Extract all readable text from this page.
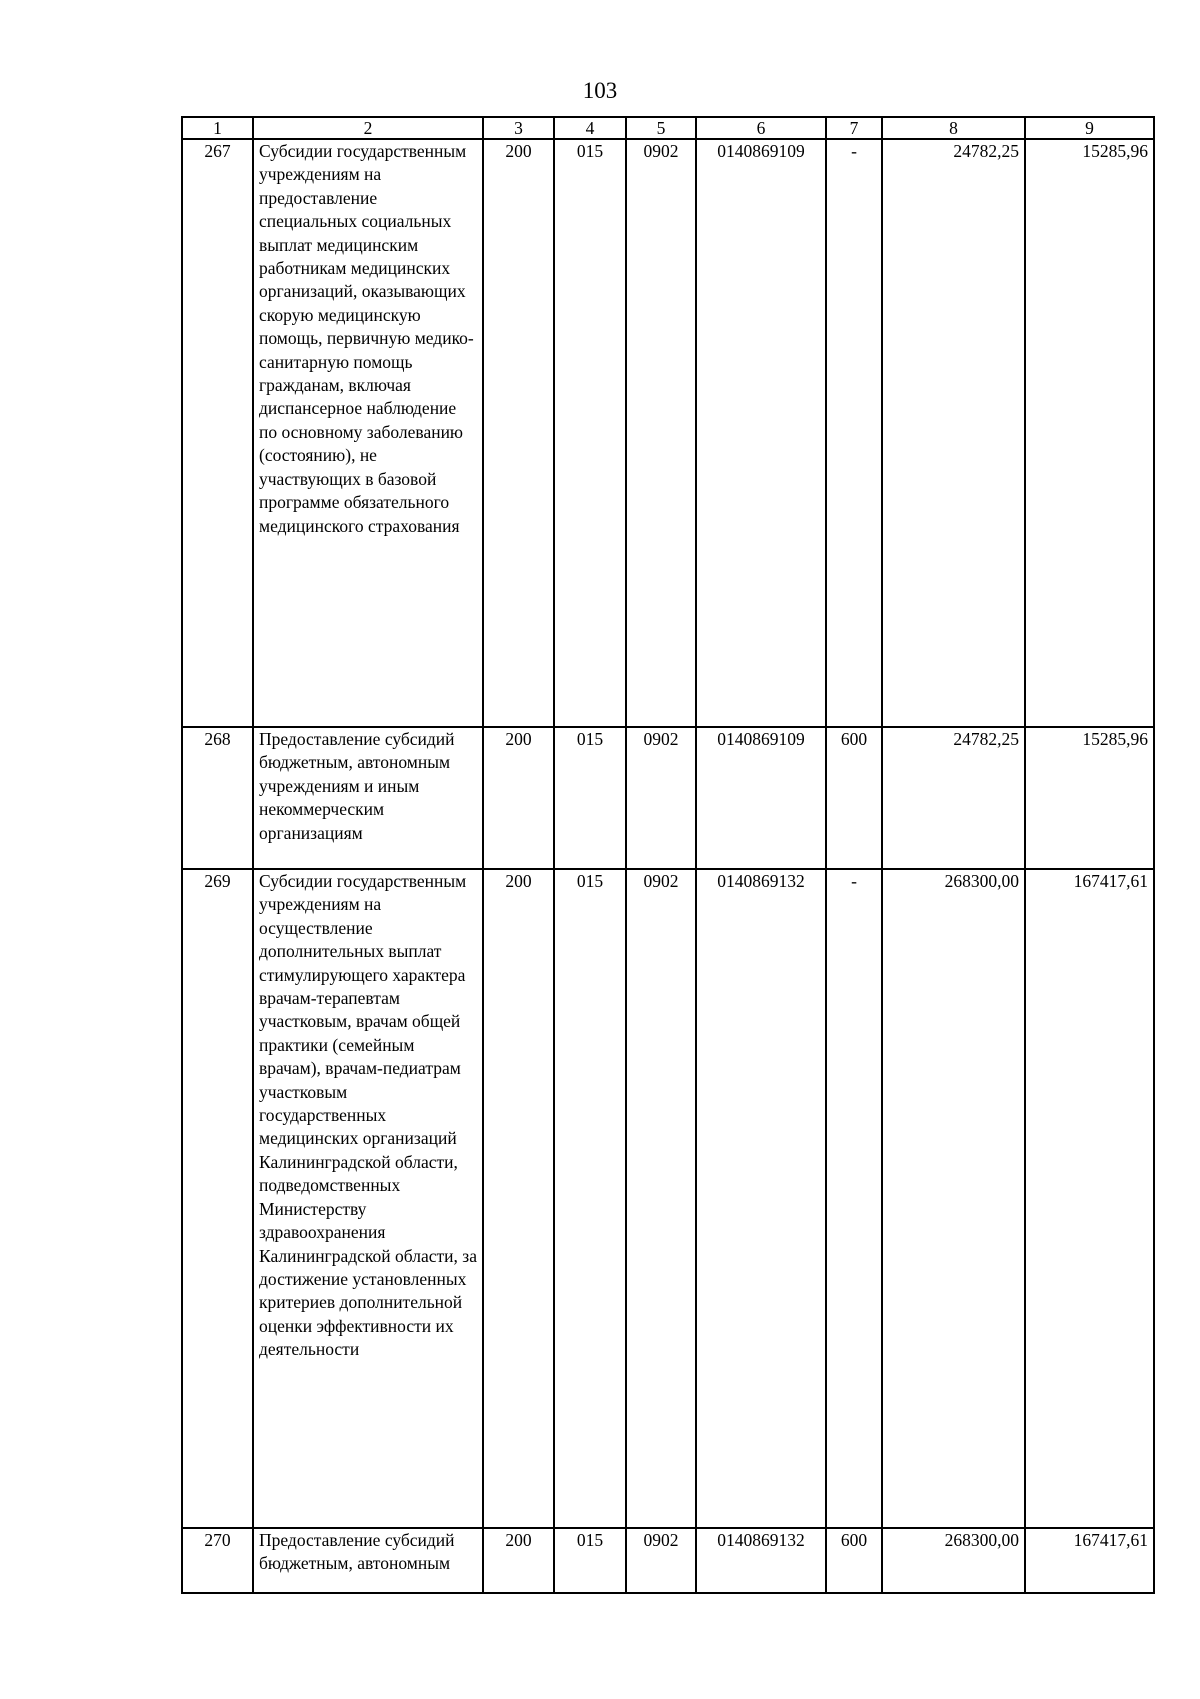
103
1	2	3	4	5	6	7	8	9
267	Субсидии государственным учреждениям на предоставление специальных социальных выплат медицинским работникам медицинских организаций, оказывающих скорую медицинскую помощь, первичную медико-санитарную помощь гражданам, включая диспансерное наблюдение по основному заболеванию (состоянию), не участвующих в базовой программе обязательного медицинского страхования	200	015	0902	0140869109	-	24782,25	15285,96
268	Предоставление субсидий бюджетным, автономным учреждениям и иным некоммерческим организациям	200	015	0902	0140869109	600	24782,25	15285,96
269	Субсидии государственным учреждениям на осуществление дополнительных выплат стимулирующего характера врачам-терапевтам участковым, врачам общей практики (семейным врачам), врачам-педиатрам участковым государственных медицинских организаций Калининградской области, подведомственных Министерству здравоохранения Калининградской области, за достижение установленных критериев дополнительной оценки эффективности их деятельности	200	015	0902	0140869132	-	268300,00	167417,61
270	Предоставление субсидий бюджетным, автономным	200	015	0902	0140869132	600	268300,00	167417,61
